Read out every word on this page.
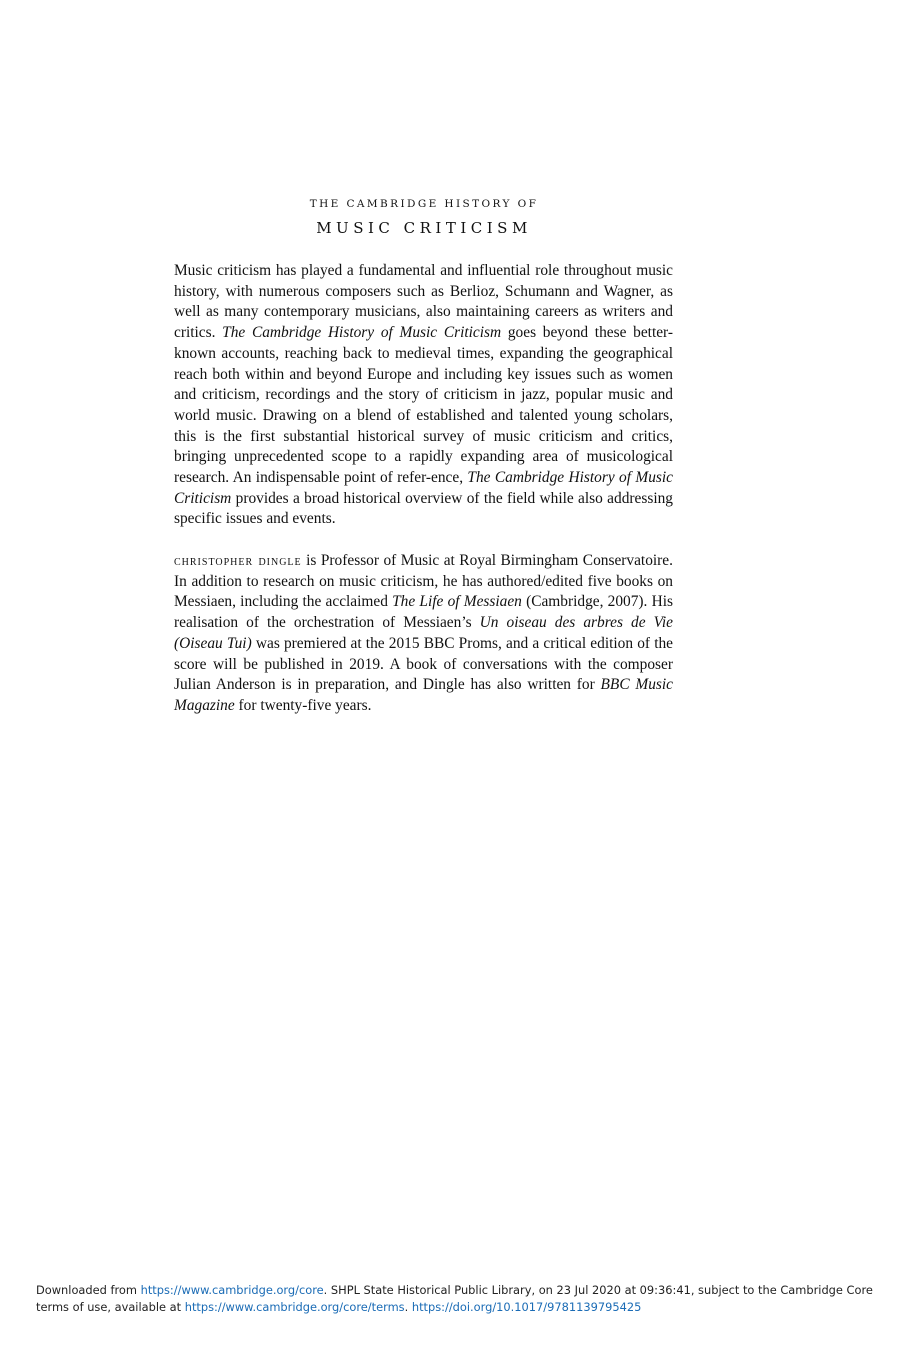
THE CAMBRIDGE HISTORY OF
MUSIC CRITICISM
Music criticism has played a fundamental and influential role throughout music history, with numerous composers such as Berlioz, Schumann and Wagner, as well as many contemporary musicians, also maintaining careers as writers and critics. The Cambridge History of Music Criticism goes beyond these better-known accounts, reaching back to medieval times, expanding the geographical reach both within and beyond Europe and including key issues such as women and criticism, recordings and the story of criticism in jazz, popular music and world music. Drawing on a blend of established and talented young scholars, this is the first substantial historical survey of music criticism and critics, bringing unprecedented scope to a rapidly expanding area of musicological research. An indispensable point of refer-ence, The Cambridge History of Music Criticism provides a broad historical overview of the field while also addressing specific issues and events.
christopher dingle is Professor of Music at Royal Birmingham Conservatoire. In addition to research on music criticism, he has authored/edited five books on Messiaen, including the acclaimed The Life of Messiaen (Cambridge, 2007). His realisation of the orchestration of Messiaen’s Un oiseau des arbres de Vie (Oiseau Tui) was premiered at the 2015 BBC Proms, and a critical edition of the score will be published in 2019. A book of conversations with the composer Julian Anderson is in preparation, and Dingle has also written for BBC Music Magazine for twenty-five years.
Downloaded from https://www.cambridge.org/core. SHPL State Historical Public Library, on 23 Jul 2020 at 09:36:41, subject to the Cambridge Core terms of use, available at https://www.cambridge.org/core/terms. https://doi.org/10.1017/9781139795425
